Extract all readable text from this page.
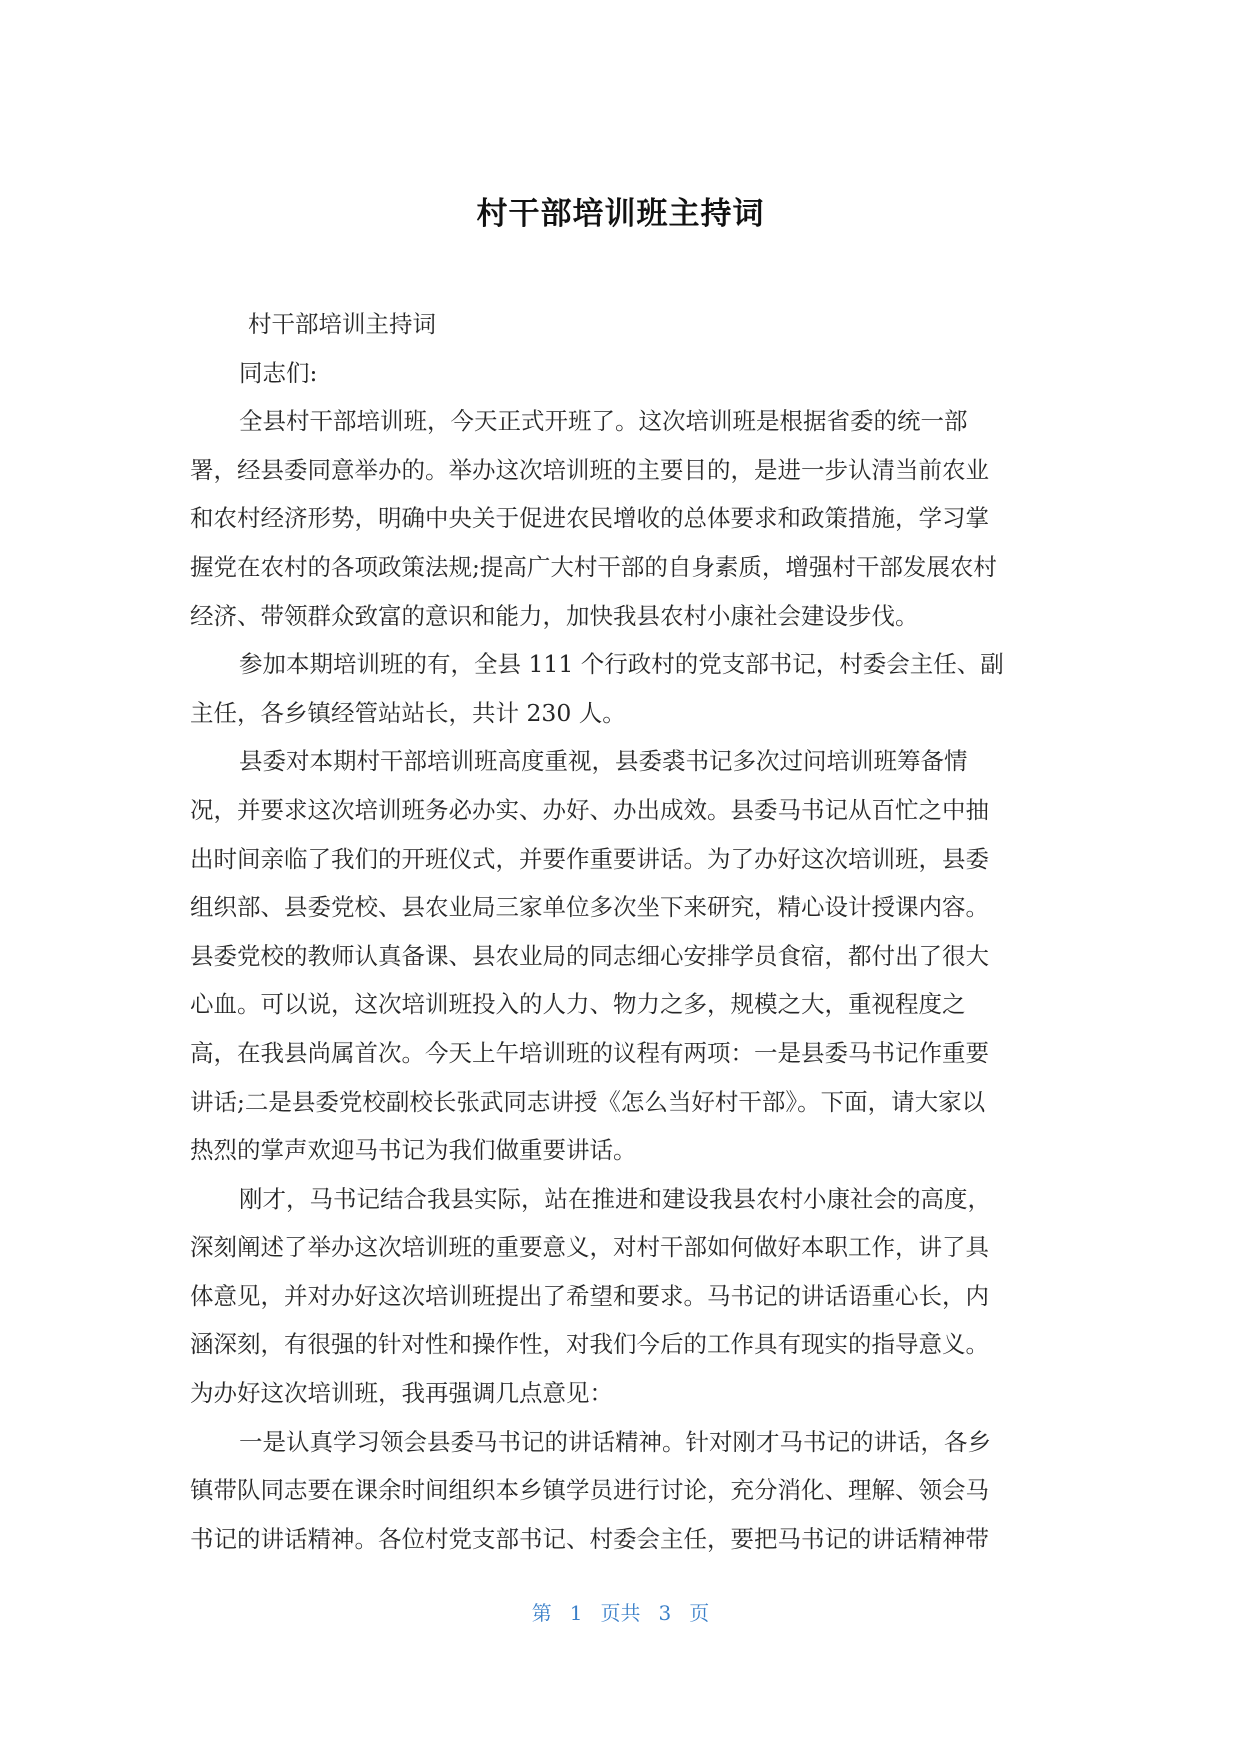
村干部培训班主持词
村干部培训主持词
同志们:
全县村干部培训班，今天正式开班了。这次培训班是根据省委的统一部
署，经县委同意举办的。举办这次培训班的主要目的，是进一步认清当前农业
和农村经济形势，明确中央关于促进农民增收的总体要求和政策措施，学习掌
握党在农村的各项政策法规;提高广大村干部的自身素质，增强村干部发展农村
经济、带领群众致富的意识和能力，加快我县农村小康社会建设步伐。
参加本期培训班的有，全县 111 个行政村的党支部书记，村委会主任、副
主任，各乡镇经管站站长，共计 230 人。
县委对本期村干部培训班高度重视，县委裘书记多次过问培训班筹备情
况，并要求这次培训班务必办实、办好、办出成效。县委马书记从百忙之中抽
出时间亲临了我们的开班仪式，并要作重要讲话。为了办好这次培训班，县委
组织部、县委党校、县农业局三家单位多次坐下来研究，精心设计授课内容。
县委党校的教师认真备课、县农业局的同志细心安排学员食宿，都付出了很大
心血。可以说，这次培训班投入的人力、物力之多，规模之大，重视程度之
高，在我县尚属首次。今天上午培训班的议程有两项：一是县委马书记作重要
讲话;二是县委党校副校长张武同志讲授《怎么当好村干部》。下面，请大家以
热烈的掌声欢迎马书记为我们做重要讲话。
刚才，马书记结合我县实际，站在推进和建设我县农村小康社会的高度，
深刻阐述了举办这次培训班的重要意义，对村干部如何做好本职工作，讲了具
体意见，并对办好这次培训班提出了希望和要求。马书记的讲话语重心长，内
涵深刻，有很强的针对性和操作性，对我们今后的工作具有现实的指导意义。
为办好这次培训班，我再强调几点意见：
一是认真学习领会县委马书记的讲话精神。针对刚才马书记的讲话，各乡
镇带队同志要在课余时间组织本乡镇学员进行讨论，充分消化、理解、领会马
书记的讲话精神。各位村党支部书记、村委会主任，要把马书记的讲话精神带
第 1 页共 3 页
